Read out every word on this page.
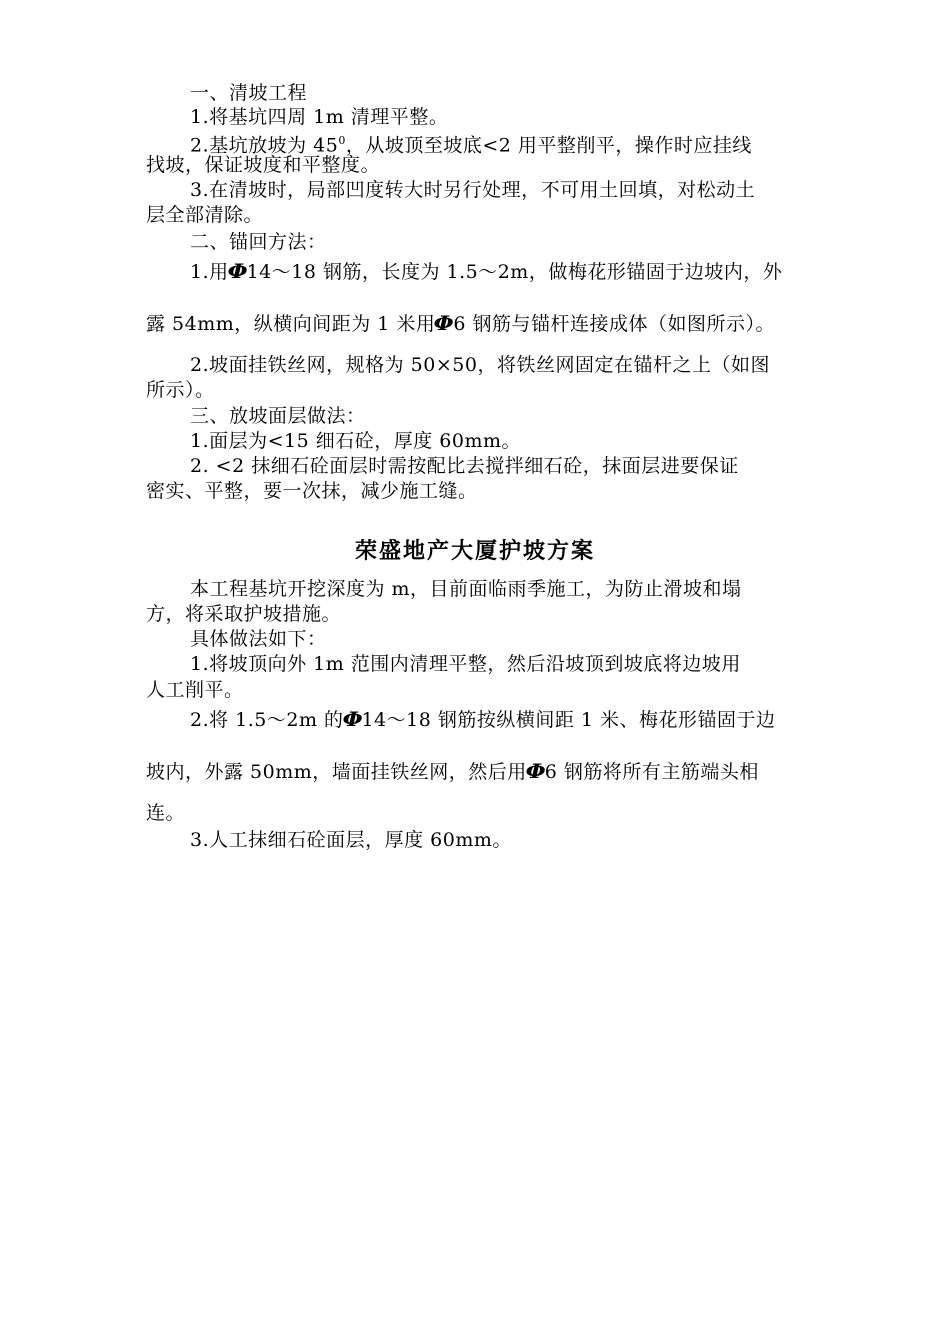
一、清坡工程
1.将基坑四周 1m 清理平整。
2.基坑放坡为 $45^0$，从坡顶至坡底<2 用平整削平，操作时应挂线
找坡，保证坡度和平整度。
3.在清坡时，局部凹度转大时另行处理，不可用土回填，对松动土
层全部清除。
二、锚回方法：
1.用Φ14～18 钢筋，长度为 1.5～2m，做梅花形锚固于边坡内，外
露 54mm，纵横向间距为 1 米用Φ6 钢筋与锚杆连接成体（如图所示）。
2.坡面挂铁丝网，规格为 50×50，将铁丝网固定在锚杆之上（如图
所示）。
三、放坡面层做法：
1.面层为<15 细石砼，厚度 60mm。
2. <2 抹细石砼面层时需按配比去搅拌细石砼，抹面层进要保证
密实、平整，要一次抹，减少施工缝。
荣盛地产大厦护坡方案
本工程基坑开挖深度为 m，目前面临雨季施工，为防止滑坡和塌
方，将采取护坡措施。
具体做法如下：
1.将坡顶向外 1m 范围内清理平整，然后沿坡顶到坡底将边坡用
人工削平。
2.将 1.5～2m 的Φ14～18 钢筋按纵横间距 1 米、梅花形锚固于边
坡内，外露 50mm，墙面挂铁丝网，然后用Φ6 钢筋将所有主筋端头相
连。
3.人工抹细石砼面层，厚度 60mm。
